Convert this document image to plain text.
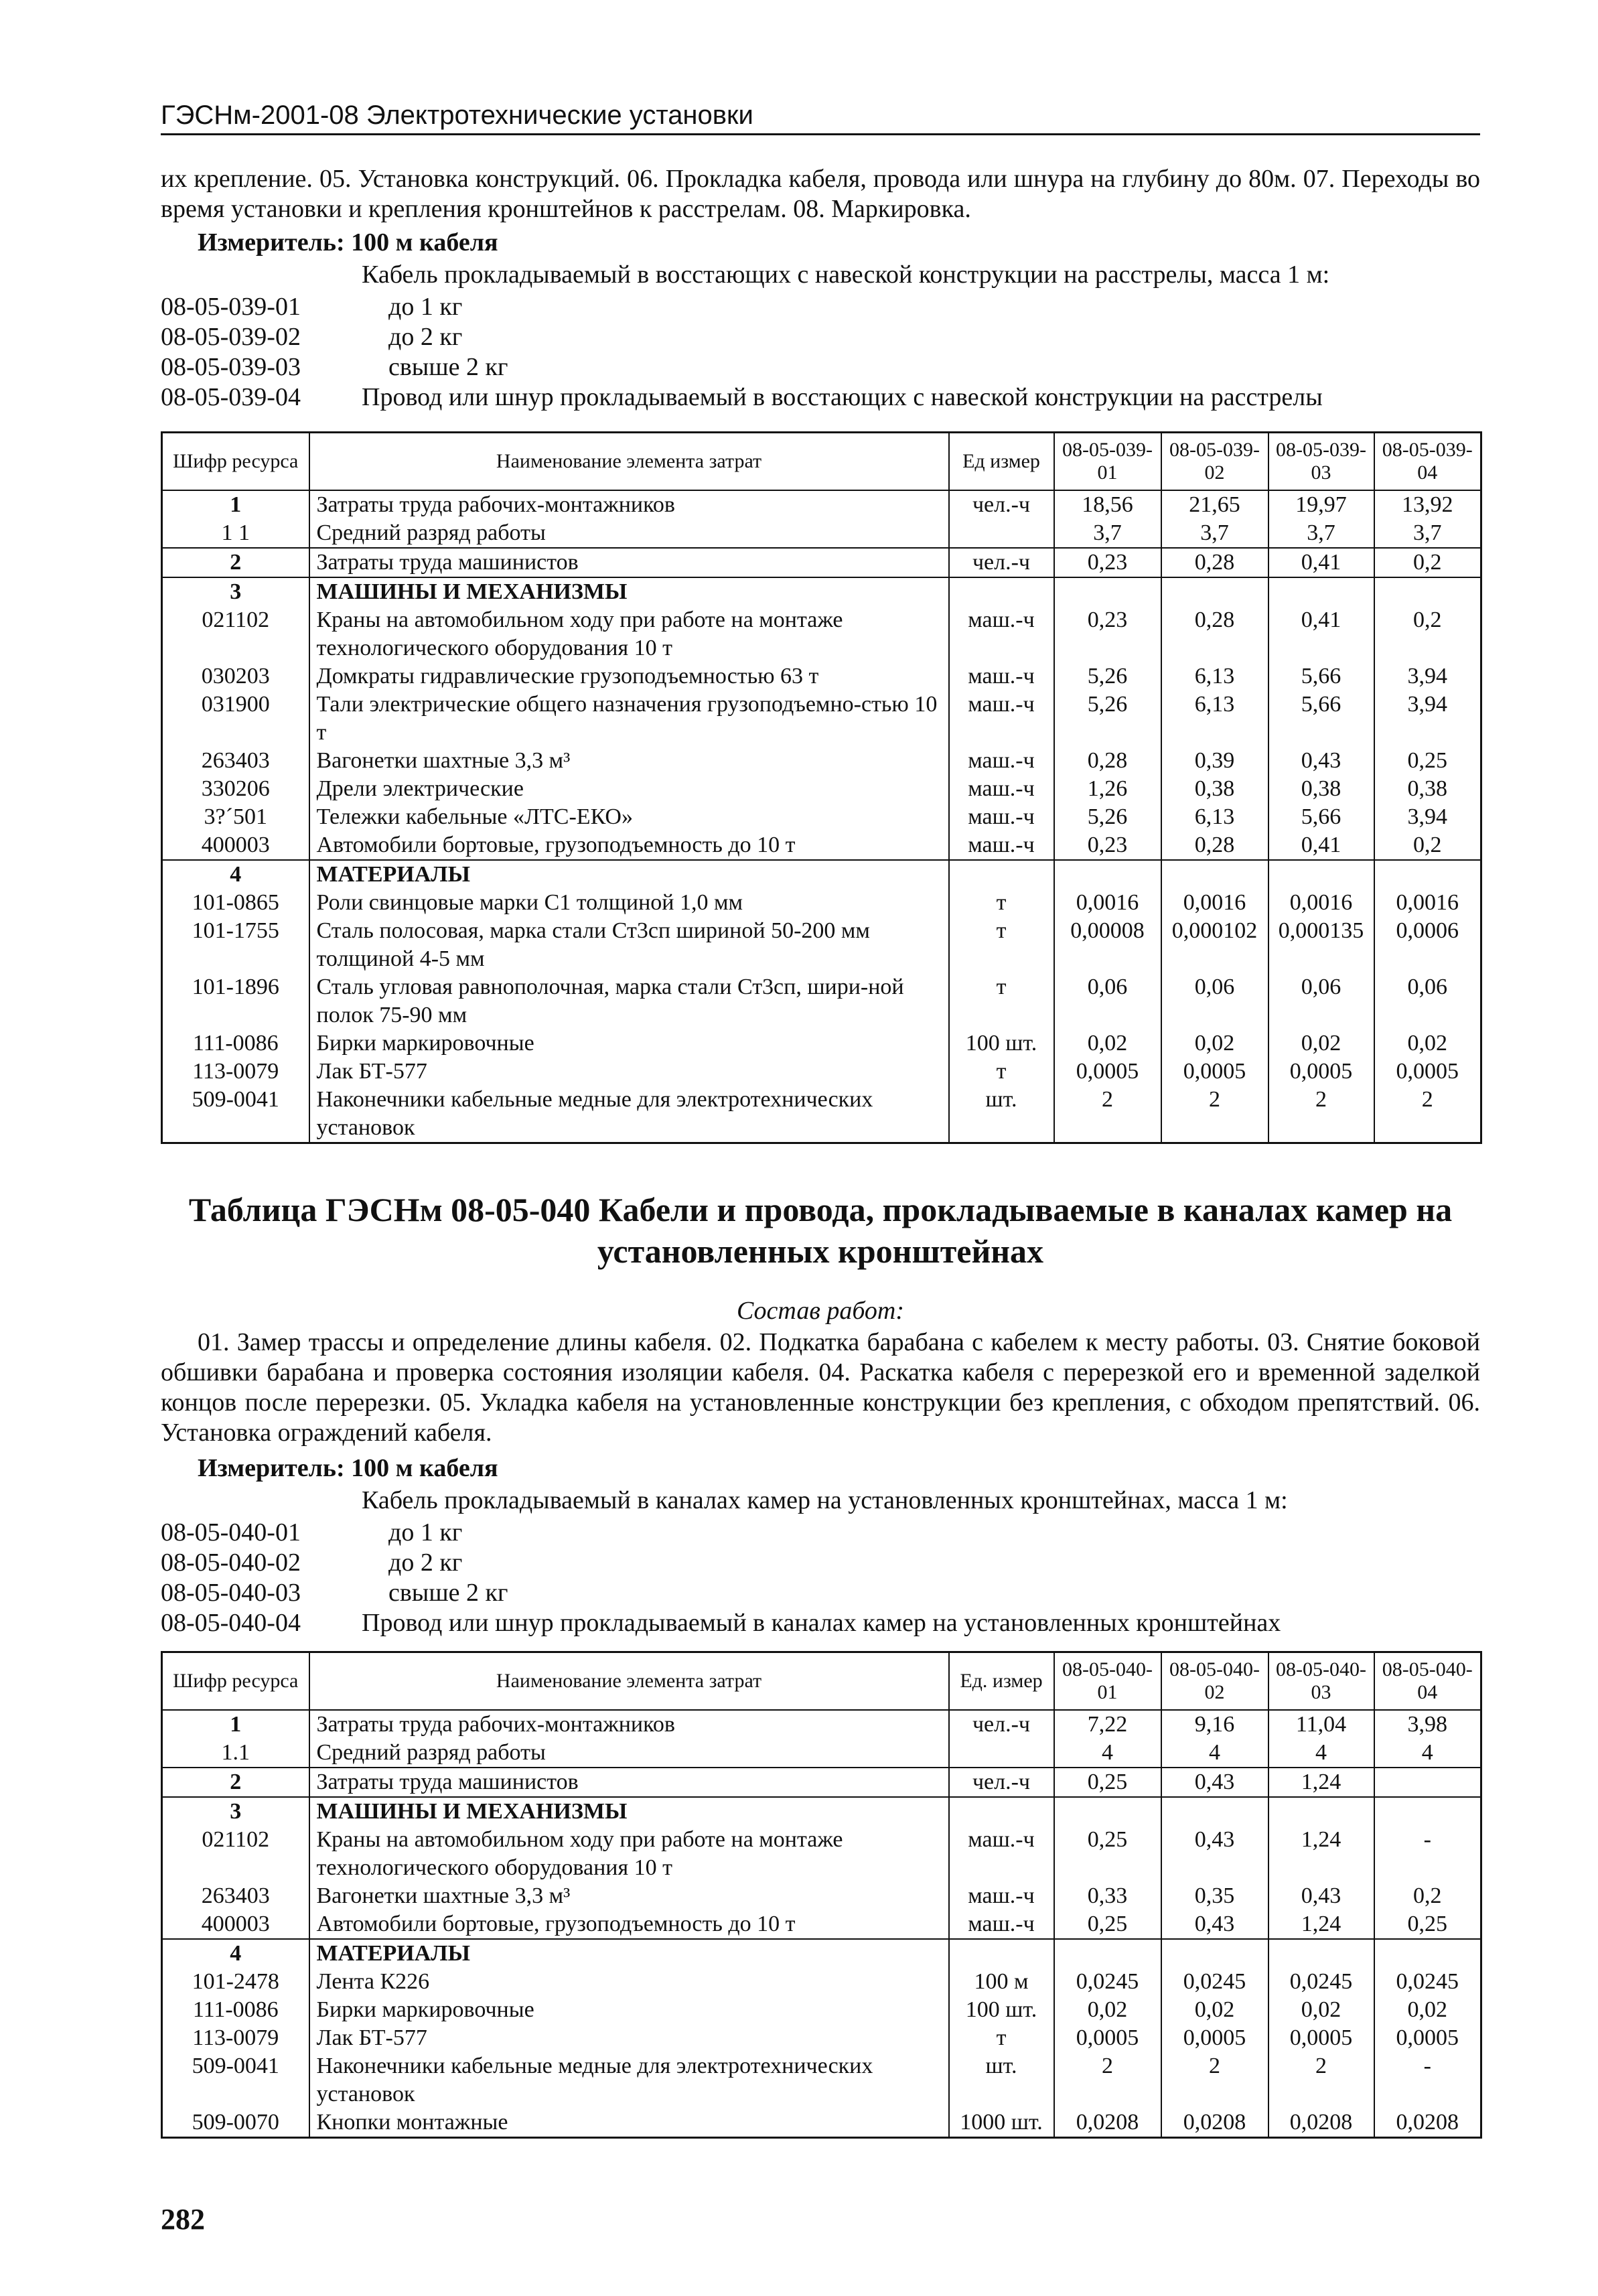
ГЭСНм-2001-08 Электротехнические установки
их крепление. 05. Установка конструкций. 06. Прокладка кабеля, провода или шнура на глубину до 80м. 07. Переходы во время установки и крепления кронштейнов к расстрелам. 08. Маркировка.
Измеритель: 100 м кабеля
Кабель прокладываемый в восстающих с навеской конструкции на расстрелы, масса 1 м:
08-05-039-01	до 1 кг
08-05-039-02	до 2 кг
08-05-039-03	свыше 2 кг
08-05-039-04	Провод или шнур прокладываемый в восстающих с навеской конструкции на расстрелы
Шифр ресурса	Наименование элемента затрат	Ед измер	08-05-039-01	08-05-039-02	08-05-039-03	08-05-039-04
1	Затраты труда рабочих-монтажников	чел.-ч	18,56	21,65	19,97	13,92
1 1	Средний разряд работы		3,7	3,7	3,7	3,7
2	Затраты труда машинистов	чел.-ч	0,23	0,28	0,41	0,2
3	МАШИНЫ И МЕХАНИЗМЫ					
021102	Краны на автомобильном ходу при работе на монтаже технологического оборудования 10 т	маш.-ч	0,23	0,28	0,41	0,2
030203	Домкраты гидравлические грузоподъемностью 63 т	маш.-ч	5,26	6,13	5,66	3,94
031900	Тали электрические общего назначения грузоподъемно-стью 10 т	маш.-ч	5,26	6,13	5,66	3,94
263403	Вагонетки шахтные 3,3 м³	маш.-ч	0,28	0,39	0,43	0,25
330206	Дрели электрические	маш.-ч	1,26	0,38	0,38	0,38
3?´501	Тележки кабельные «ЛТС-ЕКО»	маш.-ч	5,26	6,13	5,66	3,94
400003	Автомобили бортовые, грузоподъемность до 10 т	маш.-ч	0,23	0,28	0,41	0,2
4	МАТЕРИАЛЫ					
101-0865	Роли свинцовые марки С1 толщиной 1,0 мм	т	0,0016	0,0016	0,0016	0,0016
101-1755	Сталь полосовая, марка стали Ст3сп шириной 50-200 мм толщиной 4-5 мм	т	0,00008	0,000102	0,000135	0,0006
101-1896	Сталь угловая равнополочная, марка стали Ст3сп, шири-ной полок 75-90 мм	т	0,06	0,06	0,06	0,06
111-0086	Бирки маркировочные	100 шт.	0,02	0,02	0,02	0,02
113-0079	Лак БТ-577	т	0,0005	0,0005	0,0005	0,0005
509-0041	Наконечники кабельные медные для электротехнических установок	шт.	2	2	2	2
Таблица ГЭСНм 08-05-040 Кабели и провода, прокладываемые в каналах камер на установленных кронштейнах
Состав работ:
01. Замер трассы и определение длины кабеля. 02. Подкатка барабана с кабелем к месту работы. 03. Снятие боковой обшивки барабана и проверка состояния изоляции кабеля. 04. Раскатка кабеля с перерезкой его и временной заделкой концов после перерезки. 05. Укладка кабеля на установленные конструкции без крепления, с обходом препятствий. 06. Установка ограждений кабеля.
Измеритель: 100 м кабеля
Кабель прокладываемый в каналах камер на установленных кронштейнах, масса 1 м:
08-05-040-01	до 1 кг
08-05-040-02	до 2 кг
08-05-040-03	свыше 2 кг
08-05-040-04	Провод или шнур прокладываемый в каналах камер на установленных кронштейнах
Шифр ресурса	Наименование элемента затрат	Ед. измер	08-05-040-01	08-05-040-02	08-05-040-03	08-05-040-04
1	Затраты труда рабочих-монтажников	чел.-ч	7,22	9,16	11,04	3,98
1.1	Средний разряд работы		4	4	4	4
2	Затраты труда машинистов	чел.-ч	0,25	0,43	1,24	
3	МАШИНЫ И МЕХАНИЗМЫ					
021102	Краны на автомобильном ходу при работе на монтаже технологического оборудования 10 т	маш.-ч	0,25	0,43	1,24	-
263403	Вагонетки шахтные 3,3 м³	маш.-ч	0,33	0,35	0,43	0,2
400003	Автомобили бортовые, грузоподъемность до 10 т	маш.-ч	0,25	0,43	1,24	0,25
4	МАТЕРИАЛЫ					
101-2478	Лента К226	100 м	0,0245	0,0245	0,0245	0,0245
111-0086	Бирки маркировочные	100 шт.	0,02	0,02	0,02	0,02
113-0079	Лак БТ-577	т	0,0005	0,0005	0,0005	0,0005
509-0041	Наконечники кабельные медные для электротехнических установок	шт.	2	2	2	-
509-0070	Кнопки монтажные	1000 шт.	0,0208	0,0208	0,0208	0,0208
282
